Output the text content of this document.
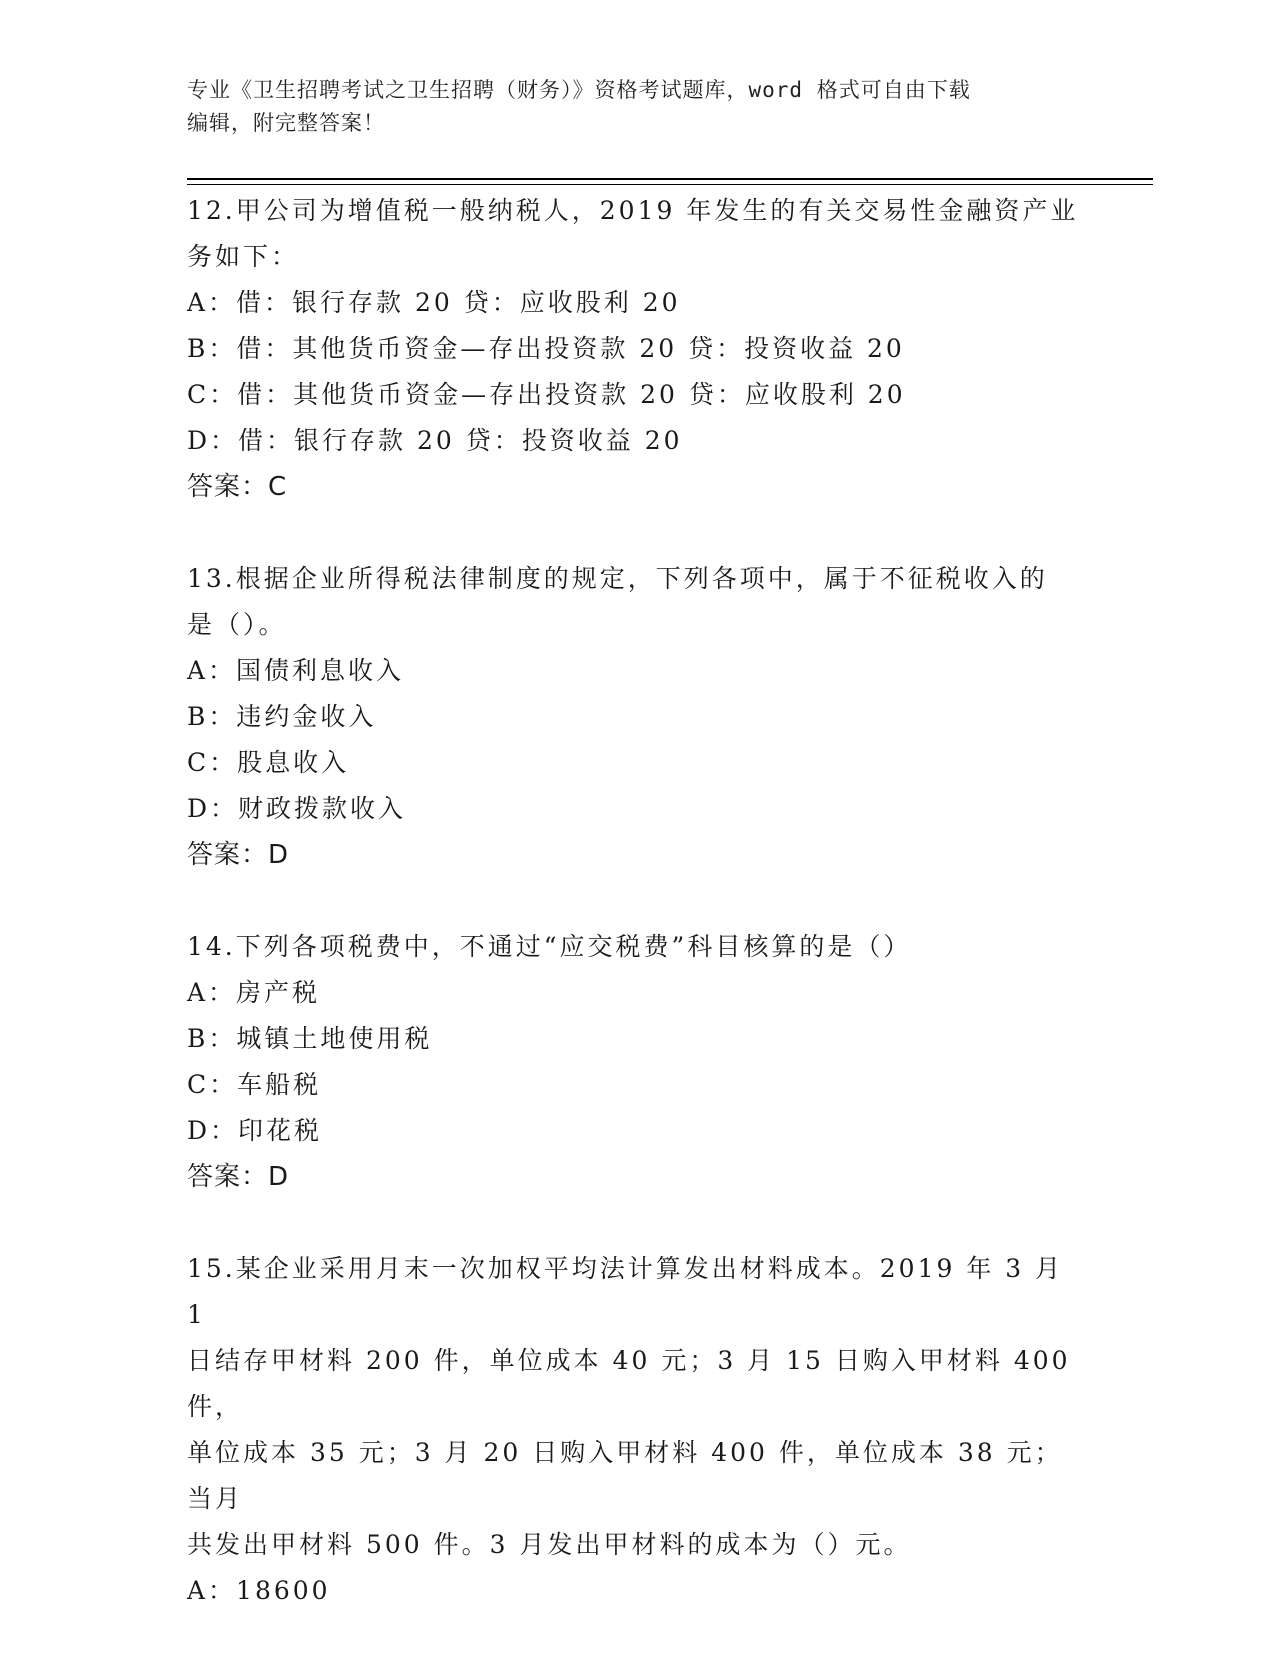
专业《卫生招聘考试之卫生招聘（财务）》资格考试题库，word 格式可自由下载

编辑，附完整答案！

12.甲公司为增值税一般纳税人，2019 年发生的有关交易性金融资产业

务如下：

A：借：银行存款 20 贷：应收股利 20

B：借：其他货币资金—存出投资款 20 贷：投资收益 20

C：借：其他货币资金—存出投资款 20 贷：应收股利 20

D：借：银行存款 20 贷：投资收益 20

答案：C

13.根据企业所得税法律制度的规定，下列各项中，属于不征税收入的

是（）。

A：国债利息收入

B：违约金收入

C：股息收入

D：财政拨款收入

答案：D

14.下列各项税费中，不通过“应交税费”科目核算的是（）

A：房产税

B：城镇土地使用税

C：车船税

D：印花税

答案：D

15.某企业采用月末一次加权平均法计算发出材料成本。2019 年 3 月 1

日结存甲材料 200 件，单位成本 40 元；3 月 15 日购入甲材料 400 件，

单位成本 35 元；3 月 20 日购入甲材料 400 件，单位成本 38 元；当月

共发出甲材料 500 件。3 月发出甲材料的成本为（）元。

A：18600
